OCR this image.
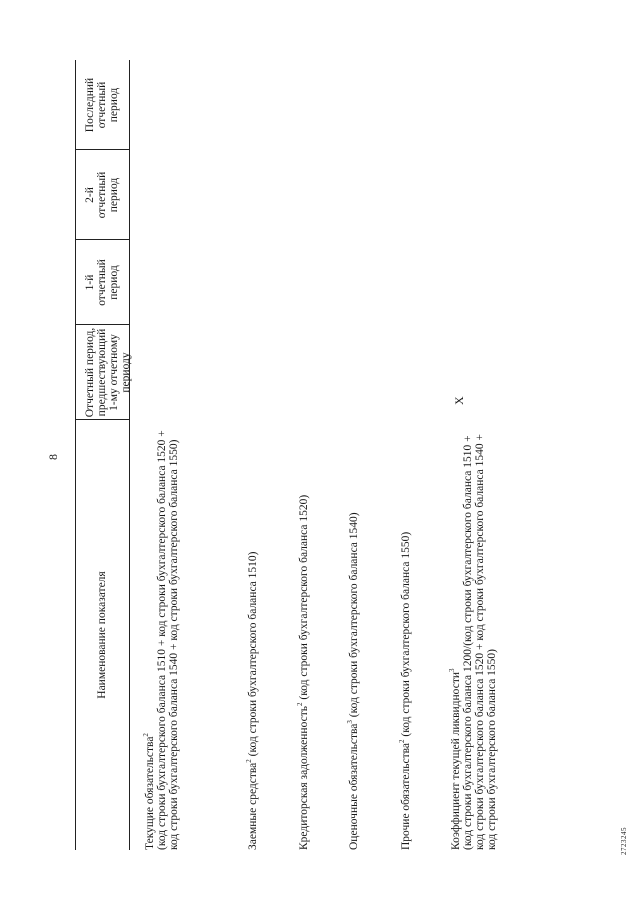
8
Наименование показателя
Отчетный период,
предшествующий
1-му отчетному периоду
1-й
отчетный
период
2-й
отчетный
период
Последний
отчетный
период
Текущие обязательства$^2$ (код строки бухгалтерского баланса 1510 + код строки бухгалтерского баланса 1520 + код строки бухгалтерского баланса 1540 + код строки бухгалтерского баланса 1550)	Заемные средства$^2$ (код строки бухгалтерского баланса 1510)
Кредиторская задолженность$^2$ (код строки бухгалтерского баланса 1520)
Оценочные обязательства$^3$ (код строки бухгалтерского баланса 1540)
Прочие обязательства$^2$ (код строки бухгалтерского баланса 1550)
Коэффициент текущей ликвидности$^3$ (код строки бухгалтерского баланса 1200/(код строки бухгалтерского баланса 1510 + код строки бухгалтерского баланса 1520 + код строки бухгалтерского баланса 1540 + код строки бухгалтерского баланса 1550)
X
2723245
